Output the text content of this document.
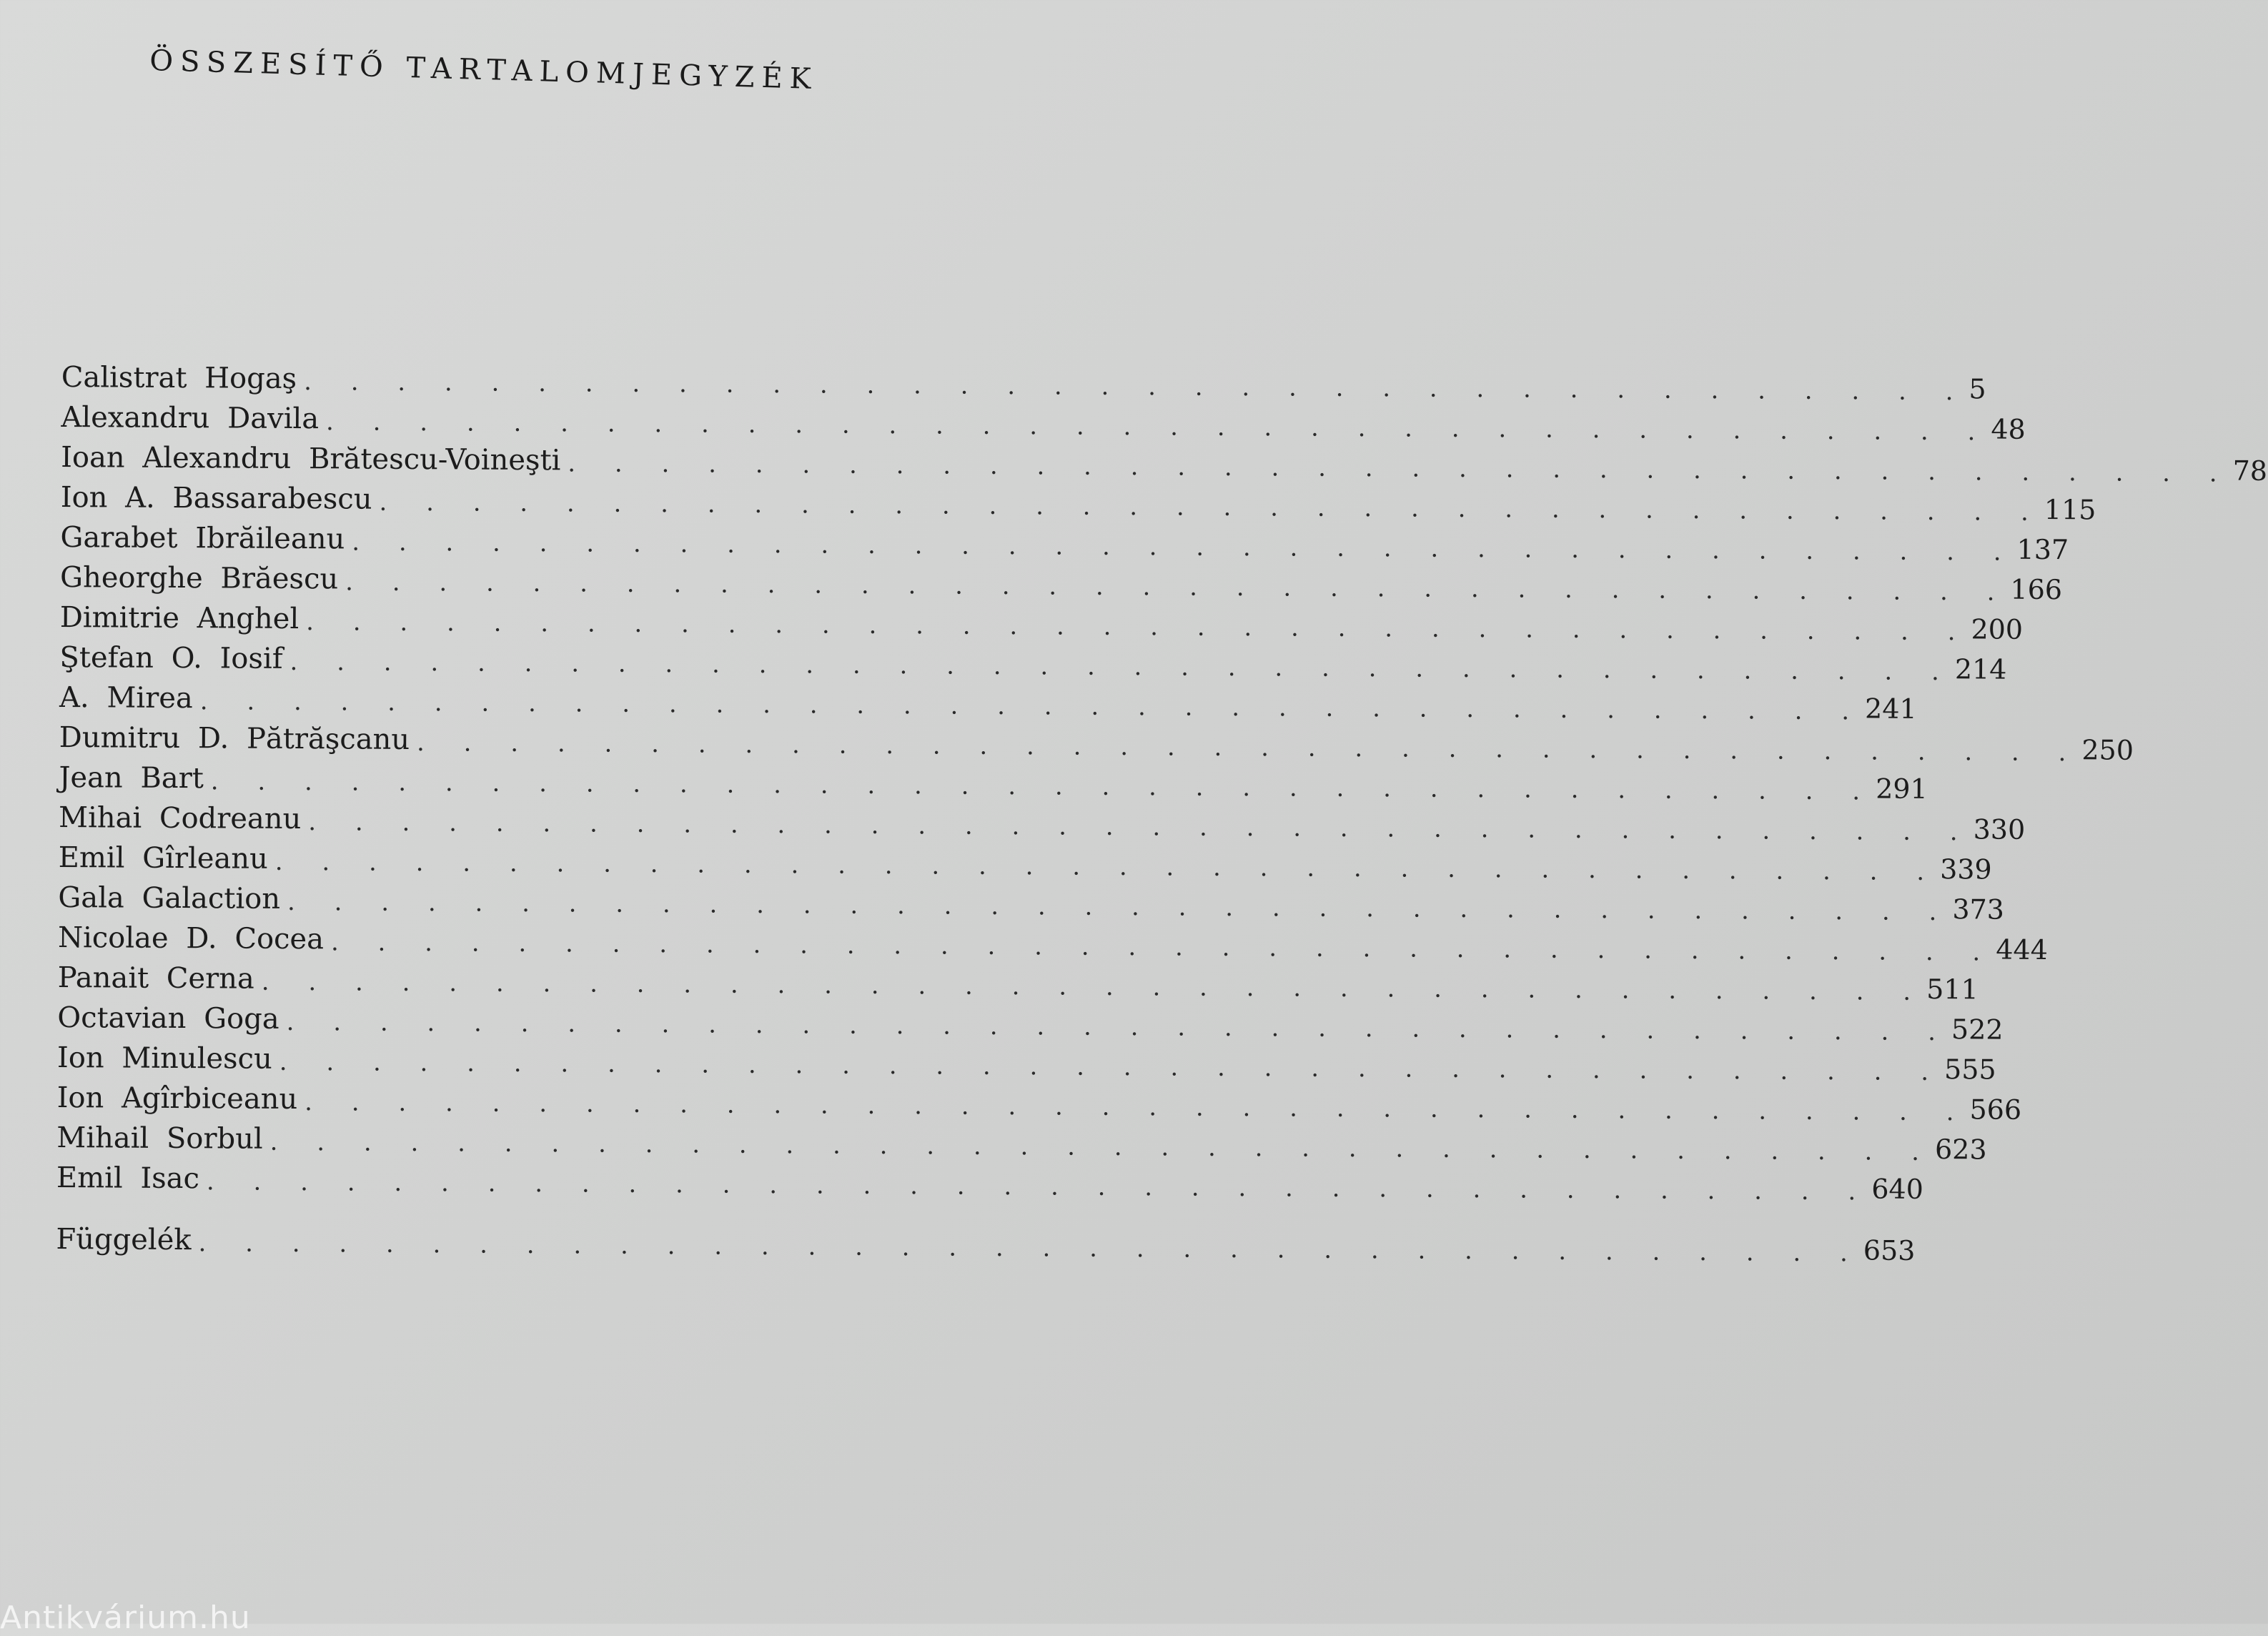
ÖSSZESÍTŐ TARTALOMJEGYZÉK
Calistrat Hogaş . . . . . . . . . . . . . . . . . . . . . . . . . . . . . . . . . . . . 5
Alexandru Davila . . . . . . . . . . . . . . . . . . . . . . . . . . . . . . . . . . . . 48
Ioan Alexandru Brătescu-Voineşti . . . . . . . . . . . . . . . . . . . . . . . . . . . . . . . . . . . . 78
Ion A. Bassarabescu . . . . . . . . . . . . . . . . . . . . . . . . . . . . . . . . . . . . 115
Garabet Ibrăileanu . . . . . . . . . . . . . . . . . . . . . . . . . . . . . . . . . . . . 137
Gheorghe Brăescu . . . . . . . . . . . . . . . . . . . . . . . . . . . . . . . . . . . . 166
Dimitrie Anghel . . . . . . . . . . . . . . . . . . . . . . . . . . . . . . . . . . . . 200
Ştefan O. Iosif . . . . . . . . . . . . . . . . . . . . . . . . . . . . . . . . . . . . 214
A. Mirea . . . . . . . . . . . . . . . . . . . . . . . . . . . . . . . . . . . . 241
Dumitru D. Pătrăşcanu . . . . . . . . . . . . . . . . . . . . . . . . . . . . . . . . . . . . 250
Jean Bart . . . . . . . . . . . . . . . . . . . . . . . . . . . . . . . . . . . . 291
Mihai Codreanu . . . . . . . . . . . . . . . . . . . . . . . . . . . . . . . . . . . . 330
Emil Gîrleanu . . . . . . . . . . . . . . . . . . . . . . . . . . . . . . . . . . . . 339
Gala Galaction . . . . . . . . . . . . . . . . . . . . . . . . . . . . . . . . . . . . 373
Nicolae D. Cocea . . . . . . . . . . . . . . . . . . . . . . . . . . . . . . . . . . . . 444
Panait Cerna . . . . . . . . . . . . . . . . . . . . . . . . . . . . . . . . . . . . 511
Octavian Goga . . . . . . . . . . . . . . . . . . . . . . . . . . . . . . . . . . . . 522
Ion Minulescu . . . . . . . . . . . . . . . . . . . . . . . . . . . . . . . . . . . . 555
Ion Agîrbiceanu . . . . . . . . . . . . . . . . . . . . . . . . . . . . . . . . . . . . 566
Mihail Sorbul . . . . . . . . . . . . . . . . . . . . . . . . . . . . . . . . . . . . 623
Emil Isac . . . . . . . . . . . . . . . . . . . . . . . . . . . . . . . . . . . . 640
Függelék . . . . . . . . . . . . . . . . . . . . . . . . . . . . . . . . . . . . 653
Antikvárium.hu
